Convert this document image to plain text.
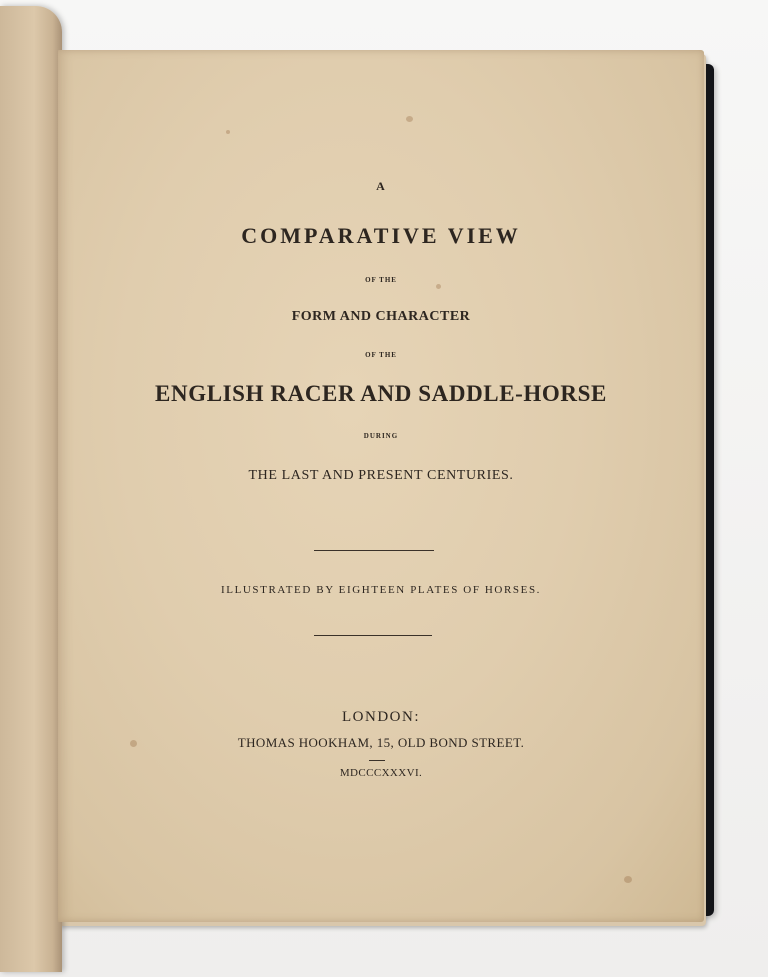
A
COMPARATIVE VIEW
OF THE
FORM AND CHARACTER
OF THE
ENGLISH RACER AND SADDLE-HORSE
DURING
THE LAST AND PRESENT CENTURIES.
ILLUSTRATED BY EIGHTEEN PLATES OF HORSES.
LONDON:
THOMAS HOOKHAM, 15, OLD BOND STREET.
MDCCCXXXVI.
